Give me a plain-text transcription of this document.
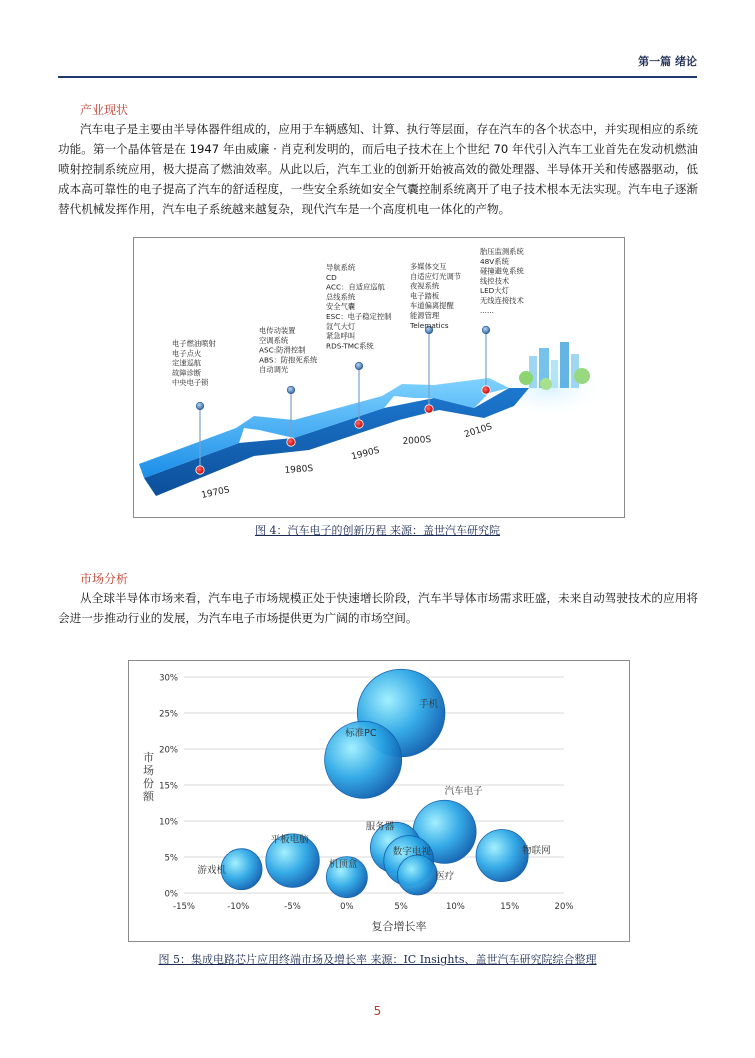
第一篇 绪论
产业现状

汽车电子是主要由半导体器件组成的，应用于车辆感知、计算、执行等层面，存在汽车的各个状态中，并实现相应的系统功能。第一个晶体管是在 1947 年由威廉 · 肖克利发明的，而后电子技术在上个世纪 70 年代引入汽车工业首先在发动机燃油喷射控制系统应用，极大提高了燃油效率。从此以后，汽车工业的创新开始被高效的微处理器、半导体开关和传感器驱动，低成本高可靠性的电子提高了汽车的舒适程度，一些安全系统如安全气囊控制系统离开了电子技术根本无法实现。汽车电子逐渐替代机械发挥作用，汽车电子系统越来越复杂，现代汽车是一个高度机电一体化的产物。

电子燃油喷射
电子点火
定速巡航
故障诊断
中央电子锁
1970S
电传动装置
空调系统
ASC:防滑控制
ABS：防抱死系统
自动调光
1980S
导航系统
CD
ACC：自适应巡航
总线系统
安全气囊
ESC：电子稳定控制
氙气大灯
紧急呼叫
RDS-TMC系统
1990S
多媒体交互
自适应灯光调节
夜视系统
电子踏板
车道偏离提醒
能源管理
Telematics
2000S
胎压监测系统
48V系统
碰撞避免系统
线控技术
LED大灯
无线连接技术
......
2010S
图 4：汽车电子的创新历程 来源：盖世汽车研究院
市场分析

从全球半导体市场来看，汽车电子市场规模正处于快速增长阶段，汽车半导体市场需求旺盛，未来自动驾驶技术的应用将会进一步推动行业的发展，为汽车电子市场提供更为广阔的市场空间。

0%
5%
10%
15%
20%
25%
30%
-15%	-10%	-5%	0%	5%	10%	15%	20%
手机
标准PC
汽车电子
服务器
数字电视	物联网
平板电脑
游戏机
机顶盒
医疗
市场份额
复合增长率
图 5：集成电路芯片应用终端市场及增长率 来源：IC Insights、盖世汽车研究院综合整理
5
